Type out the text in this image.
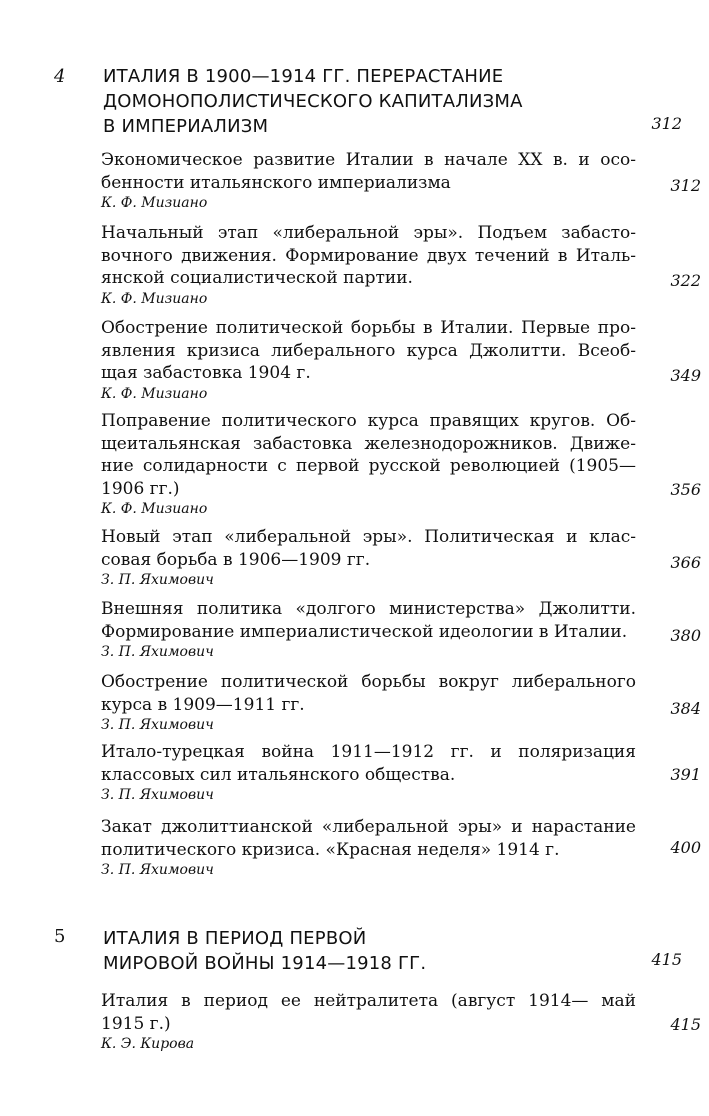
4 ИТАЛИЯ В 1900—1914 ГГ. ПЕРЕРАСТАНИЕ
ДОМОНОПОЛИСТИЧЕСКОГО КАПИТАЛИЗМА
В ИМПЕРИАЛИЗМ	312
Экономическое развитие Италии в начале XX в. и осо-
бенности итальянского империализма
К. Ф. Мизиано
312
Начальный этап «либеральной эры». Подъем забасто-
вочного движения. Формирование двух течений в Италь-
янской социалистической партии.
К. Ф. Мизиано
322
Обострение политической борьбы в Италии. Первые про-
явления кризиса либерального курса Джолитти. Всеоб-
щая забастовка 1904 г.
К. Ф. Мизиано
349
Поправение политического курса правящих кругов. Об-
щеитальянская забастовка железнодорожников. Движе-
ние солидарности с первой русской революцией (1905—
1906 гг.)
К. Ф. Мизиано
356
Новый этап «либеральной эры». Политическая и клас-
совая борьба в 1906—1909 гг.
З. П. Яхимович
366
Внешняя политика «долгого министерства» Джолитти.
Формирование империалистической идеологии в Италии.
З. П. Яхимович
380
Обострение политической борьбы вокруг либерального
курса в 1909—1911 гг.
З. П. Яхимович
384
Итало-турецкая война 1911—1912 гг. и поляризация
классовых сил итальянского общества.
З. П. Яхимович
391
Закат джолиттианской «либеральной эры» и нарастание
политического кризиса. «Красная неделя» 1914 г.
З. П. Яхимович
400
5 ИТАЛИЯ В ПЕРИОД ПЕРВОЙ
МИРОВОЙ ВОЙНЫ 1914—1918 ГГ.	415
Италия в период ее нейтралитета (август 1914— май
1915 г.)
К. Э. Кирова
415
